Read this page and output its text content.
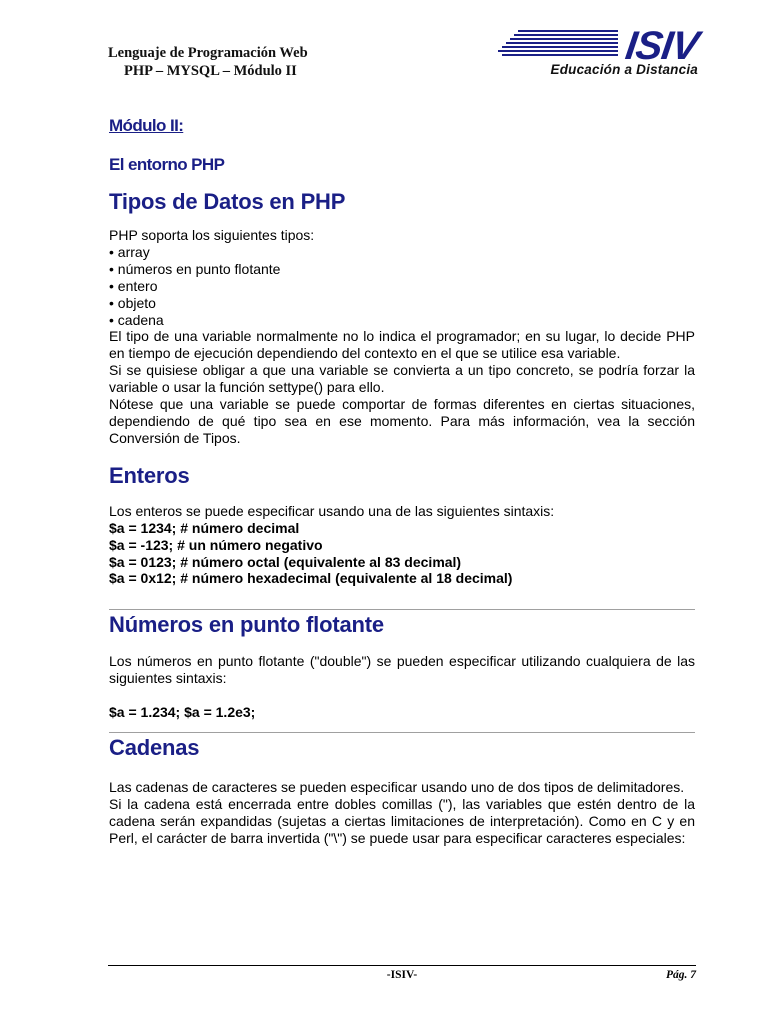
Lenguaje de Programación Web
PHP – MYSQL – Módulo II
ISIV
Educación a Distancia
Módulo II:
El entorno PHP
Tipos de Datos en PHP
PHP soporta los siguientes tipos:
• array
• números en punto flotante
• entero
• objeto
• cadena
El tipo de una variable normalmente no lo indica el programador; en su lugar, lo decide PHP en tiempo de ejecución dependiendo del contexto en el que se utilice esa variable.
Si se quisiese obligar a que una variable se convierta a un tipo concreto, se podría forzar la variable o usar la función settype() para ello.
Nótese que una variable se puede comportar de formas diferentes en ciertas situaciones, dependiendo de qué tipo sea en ese momento. Para más información, vea la sección Conversión de Tipos.
Enteros
Los enteros se puede especificar usando una de las siguientes sintaxis:
$a = 1234; # número decimal
$a = -123; # un número negativo
$a = 0123; # número octal (equivalente al 83 decimal)
$a = 0x12; # número hexadecimal (equivalente al 18 decimal)
Números en punto flotante
Los números en punto flotante ("double") se pueden especificar utilizando cualquiera de las siguientes sintaxis:
$a = 1.234; $a = 1.2e3;
Cadenas
Las cadenas de caracteres se pueden especificar usando uno de dos tipos de delimitadores.
Si la cadena está encerrada entre dobles comillas ("), las variables que estén dentro de la cadena serán expandidas (sujetas a ciertas limitaciones de interpretación). Como en C y en Perl, el carácter de barra invertida ("\") se puede usar para especificar caracteres especiales:
-ISIV-	Pág. 7
